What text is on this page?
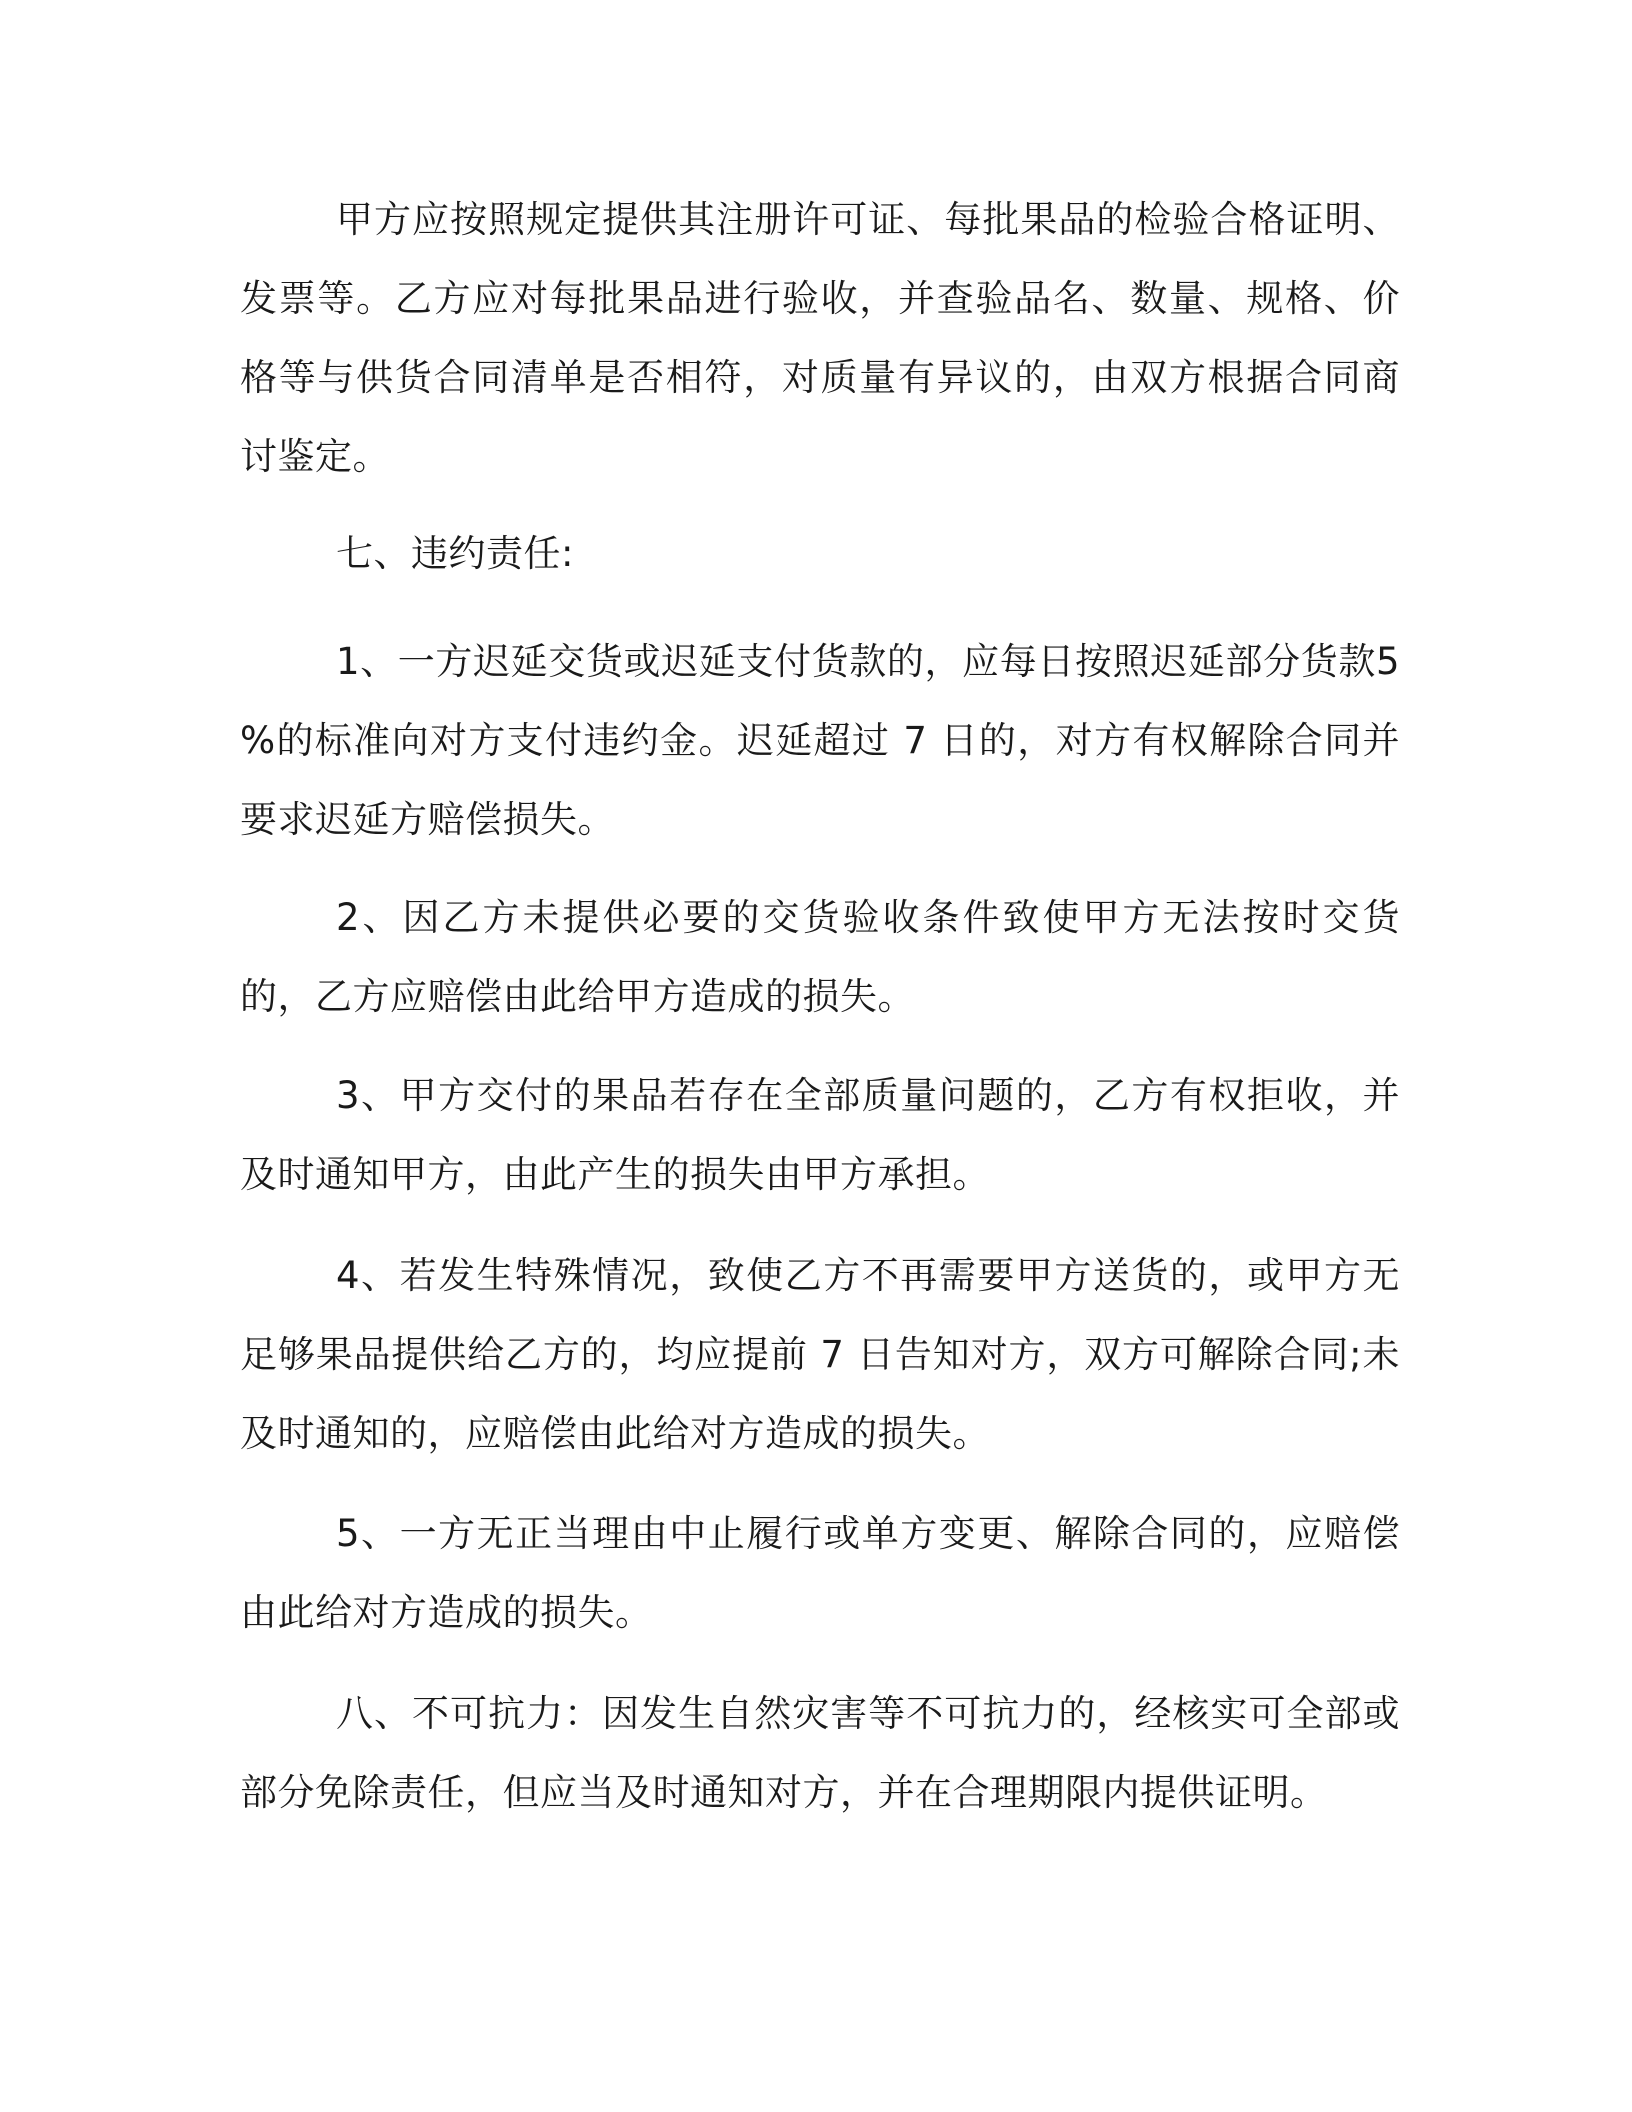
甲方应按照规定提供其注册许可证、每批果品的检验合格证明、发票等。乙方应对每批果品进行验收，并查验品名、数量、规格、价格等与供货合同清单是否相符，对质量有异议的，由双方根据合同商讨鉴定。

七、违约责任:

1、一方迟延交货或迟延支付货款的，应每日按照迟延部分货款5 %的标准向对方支付违约金。迟延超过 7 日的，对方有权解除合同并要求迟延方赔偿损失。

2、因乙方未提供必要的交货验收条件致使甲方无法按时交货的，乙方应赔偿由此给甲方造成的损失。

3、甲方交付的果品若存在全部质量问题的，乙方有权拒收，并及时通知甲方，由此产生的损失由甲方承担。

4、若发生特殊情况，致使乙方不再需要甲方送货的，或甲方无足够果品提供给乙方的，均应提前 7 日告知对方，双方可解除合同;未及时通知的，应赔偿由此给对方造成的损失。

5、一方无正当理由中止履行或单方变更、解除合同的，应赔偿由此给对方造成的损失。

八、不可抗力：因发生自然灾害等不可抗力的，经核实可全部或部分免除责任，但应当及时通知对方，并在合理期限内提供证明。
